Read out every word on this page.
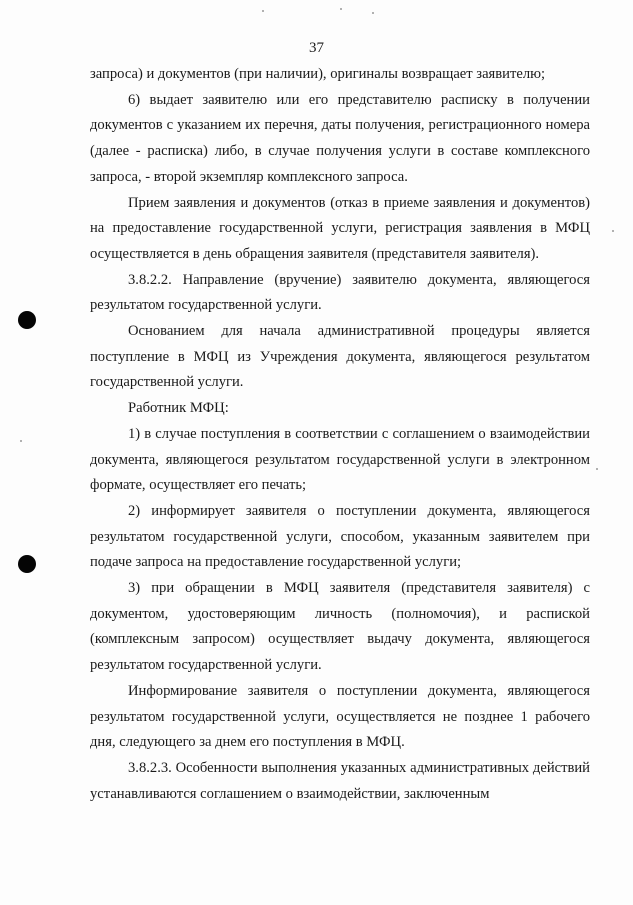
37

запроса) и документов (при наличии), оригиналы возвращает заявителю;

6) выдает заявителю или его представителю расписку в получении документов с указанием их перечня, даты получения, регистрационного номера (далее - расписка) либо, в случае получения услуги в составе комплексного запроса, - второй экземпляр комплексного запроса.

Прием заявления и документов (отказ в приеме заявления и документов) на предоставление государственной услуги, регистрация заявления в МФЦ осуществляется в день обращения заявителя (представителя заявителя).

3.8.2.2. Направление (вручение) заявителю документа, являющегося результатом государственной услуги.

Основанием для начала административной процедуры является поступление в МФЦ из Учреждения документа, являющегося результатом государственной услуги.

Работник МФЦ:

1) в случае поступления в соответствии с соглашением о взаимодействии документа, являющегося результатом государственной услуги в электронном формате, осуществляет его печать;

2) информирует заявителя о поступлении документа, являющегося результатом государственной услуги, способом, указанным заявителем при подаче запроса на предоставление государственной услуги;

3) при обращении в МФЦ заявителя (представителя заявителя) с документом, удостоверяющим личность (полномочия), и распиской (комплексным запросом) осуществляет выдачу документа, являющегося результатом государственной услуги.

Информирование заявителя о поступлении документа, являющегося результатом государственной услуги, осуществляется не позднее 1 рабочего дня, следующего за днем его поступления в МФЦ.

3.8.2.3. Особенности выполнения указанных административных действий устанавливаются соглашением о взаимодействии, заключенным
